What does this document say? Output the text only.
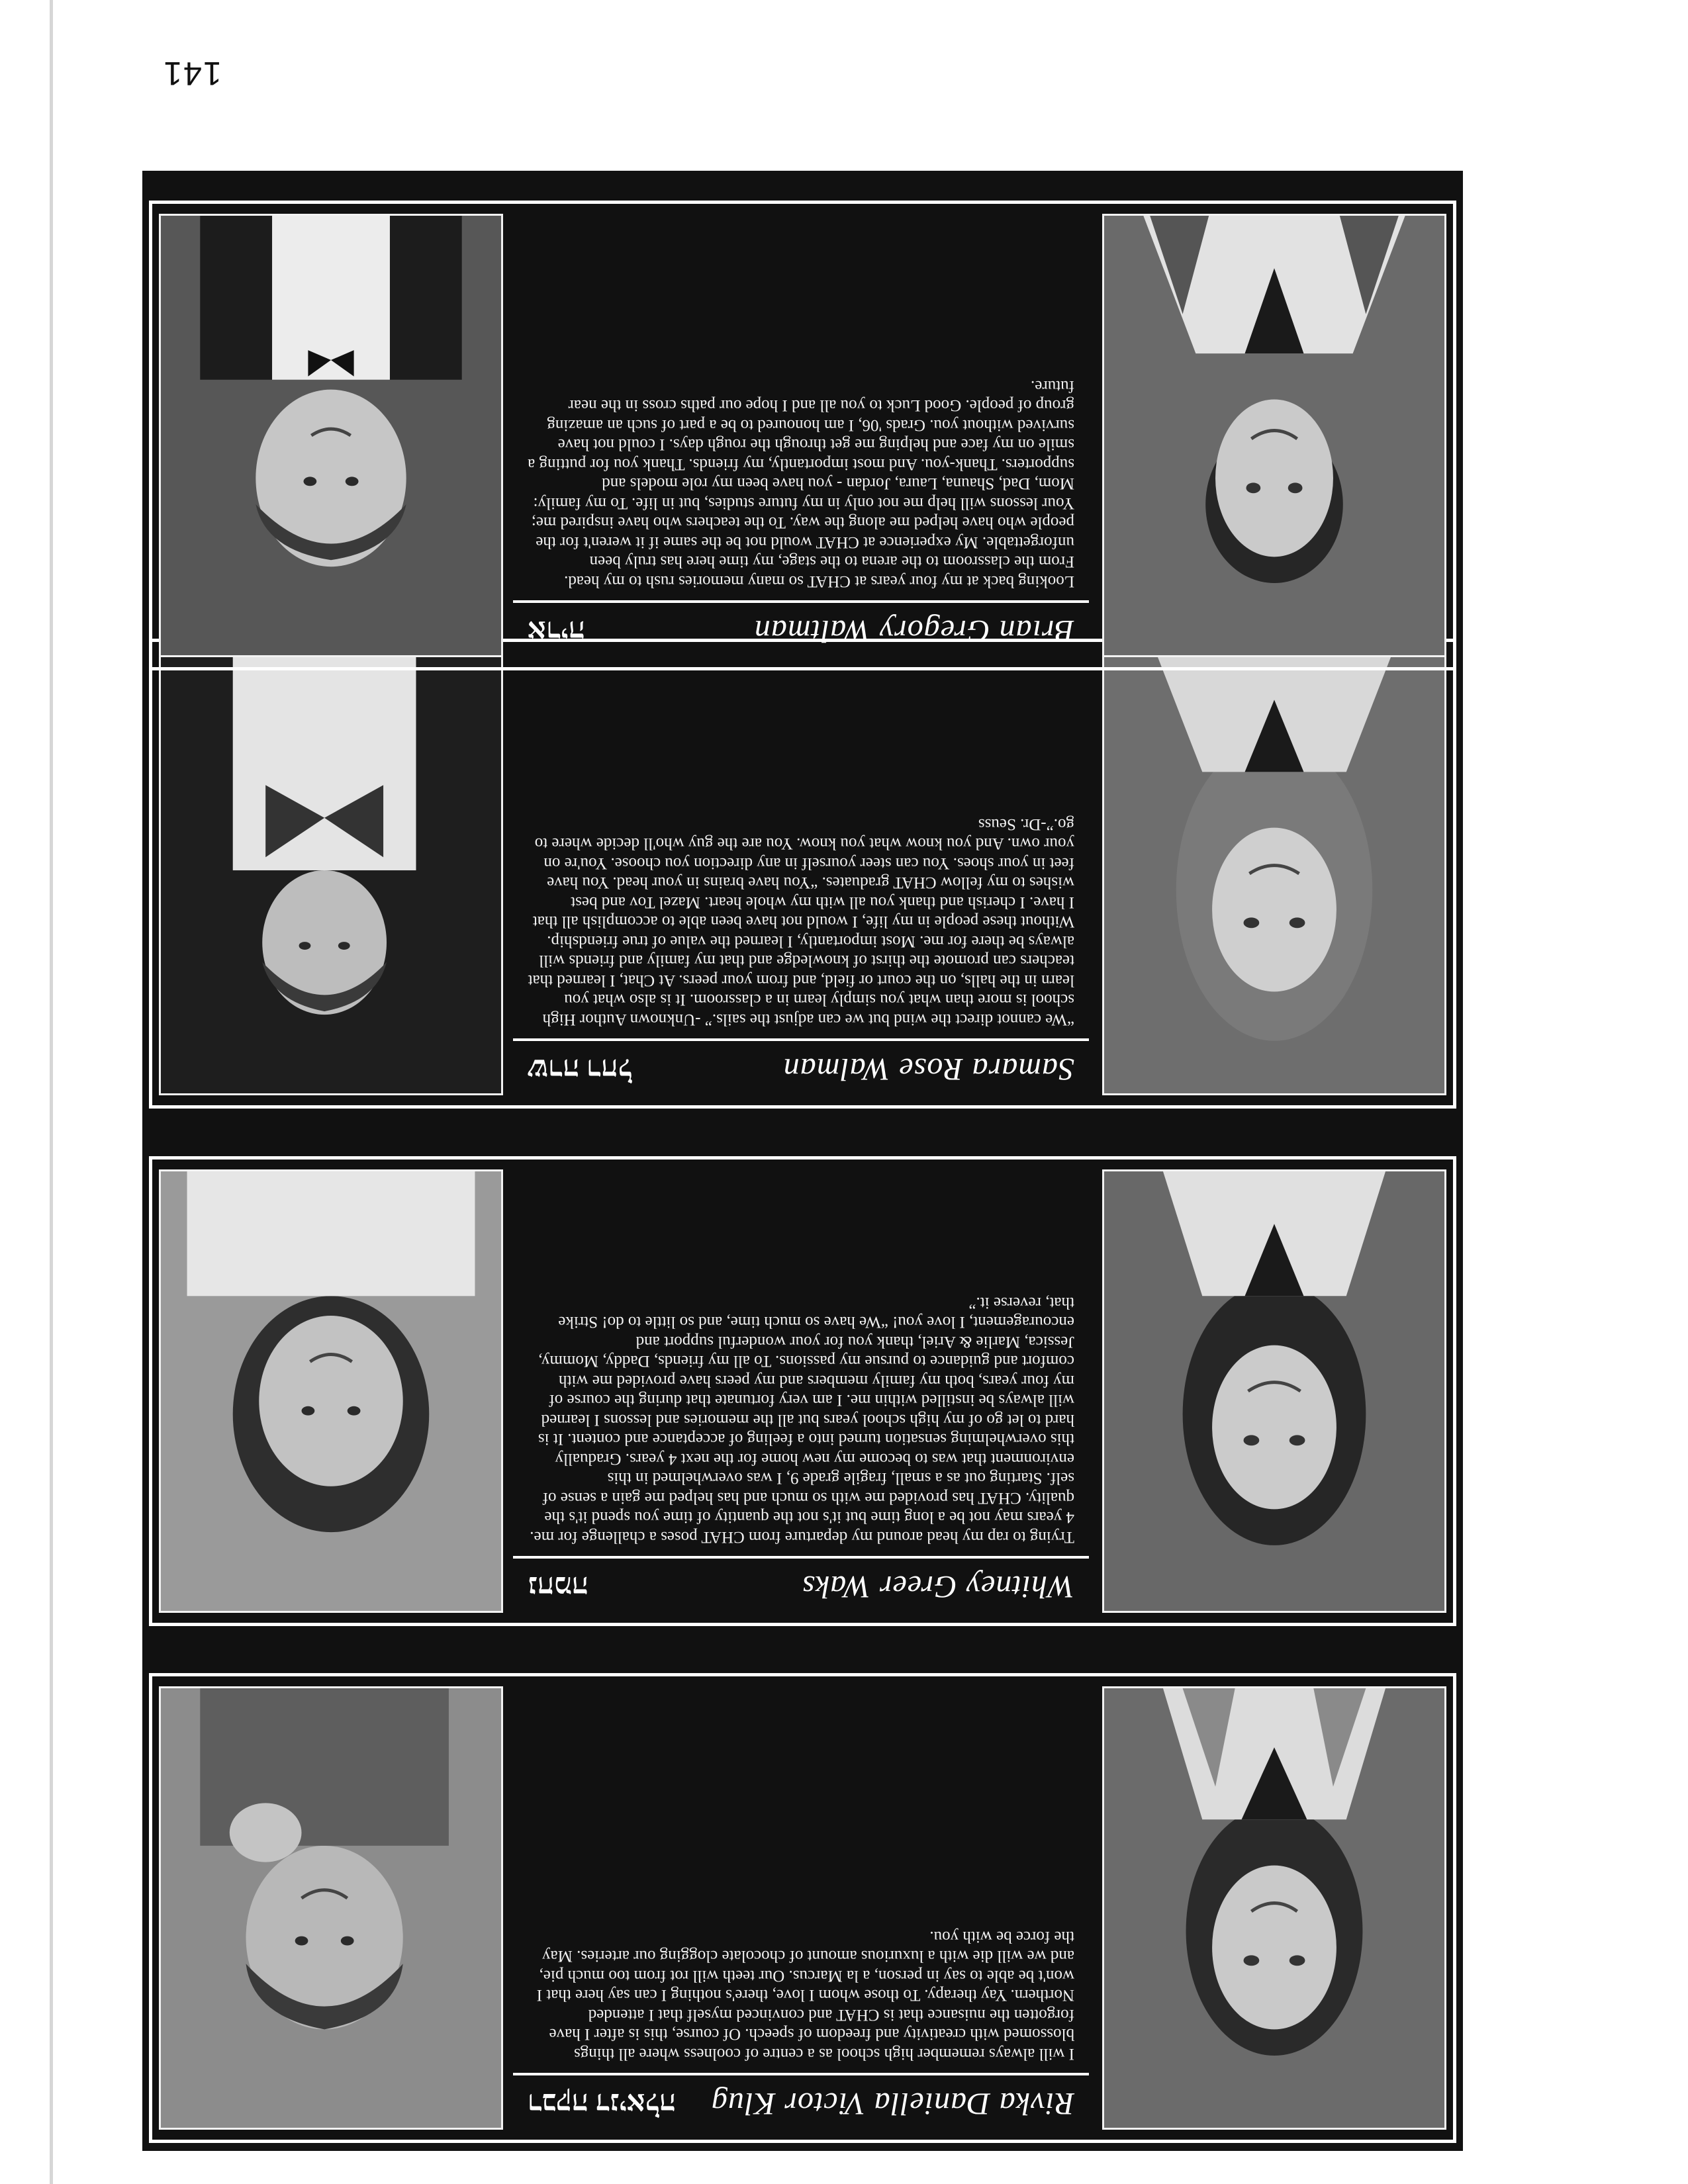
141
Rivka Daniella Victor Klug
רבקה דניאלה

I will always remember high school as a centre of coolness where all things blossomed with creativity and freedom of speech. Of course, this is after I have forgotten the nuisance that is CHAT and convinced myself that I attended Northern. Yay therapy. To those whom I love, there's nothing I can say here that I won't be able to say in person, a la Marcus. Our teeth will rot from too much pie, and we will die with a luxurious amount of chocolate clogging our arteries. May the force be with you.

Whitney Greer Waks
נחמה

Trying to rap my head around my departure from CHAT poses a challenge for me. 4 years may not be a long time but it's not the quantity of time you spend it's the quality. CHAT has provided me with so much and has helped me gain a sense of self. Starting out as a small, fragile grade 9, I was overwhelmed in this environment that was to become my new home for the next 4 years. Gradually this overwhelming sensation turned into a feeling of acceptance and content. It is hard to let go of my high school years but all the memories and lessons I learned will always be instilled within me. I am very fortunate that during the course of my four years, both my family members and my peers have provided me with comfort and guidance to pursue my passions. To all my friends, Daddy, Mommy, Jessica, Marlie & Ariel, thank you for your wonderful support and encouragement, I love you! “We have so much time, and so little to do! Strike that, reverse it.”

Samara Rose Walman
שרה רחל

“We cannot direct the wind but we can adjust the sails.” -Unknown Author High school is more than what you simply learn in a classroom. It is also what you learn in the halls, on the court or field, and from your peers. At Chat, I learned that teachers can promote the thirst of knowledge and that my family and friends will always be there for me. Most importantly, I learned the value of true friendship. Without these people in my life, I would not have been able to accomplish all that I have. I cherish and thank you all with my whole heart. Mazel Tov and best wishes to my fellow CHAT graduates. “You have brains in your head. You have feet in your shoes. You can steer yourself in any direction you choose. You're on your own. And you know what you know. You are the guy who'll decide where to go.”-Dr. Seuss

Brian Gregory Waltman
אריה

Looking back at my four years at CHAT so many memories rush to my head. From the classroom to the arena to the stage, my time here has truly been unforgettable. My experience at CHAT would not be the same if it weren't for the people who have helped me along the way. To the teachers who have inspired me; Your lessons will help me not only in my future studies, but in life. To my family: Mom, Dad, Shauna, Laura, Jordan - you have been my role models and supporters. Thank-you. And most importantly, my friends. Thank you for putting a smile on my face and helping me get through the rough days. I could not have survived without you. Grads '06, I am honoured to be a part of such an amazing group of people. Good Luck to you all and I hope our paths cross in the near future.
